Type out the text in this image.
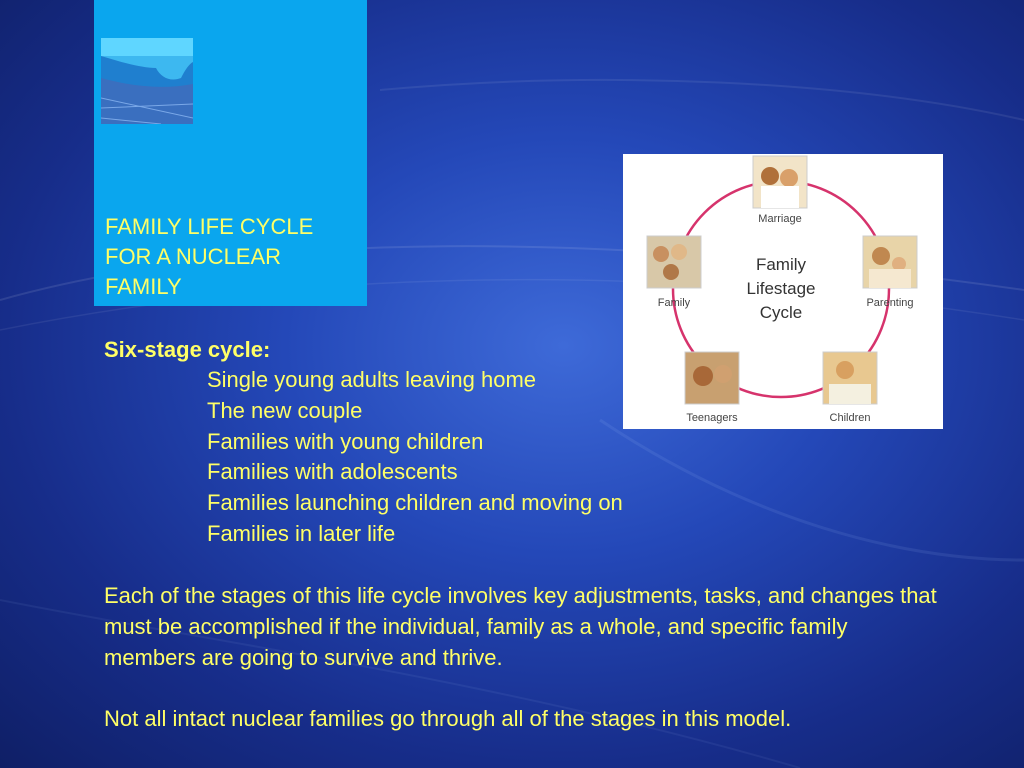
FAMILY LIFE CYCLE
FOR A NUCLEAR
FAMILY
Six-stage cycle:
Single young adults leaving home
The new couple
Families with young children
Families with adolescents
Families launching children and moving on
Families in later life
Each of the stages of this life cycle involves key adjustments, tasks, and changes that must be accomplished if the individual, family as a whole, and specific family members are going to survive and thrive.
Not all intact nuclear families go through all of the stages in this model.
Family
Lifestage
Cycle
Marriage
Parenting
Children
Teenagers
Family
